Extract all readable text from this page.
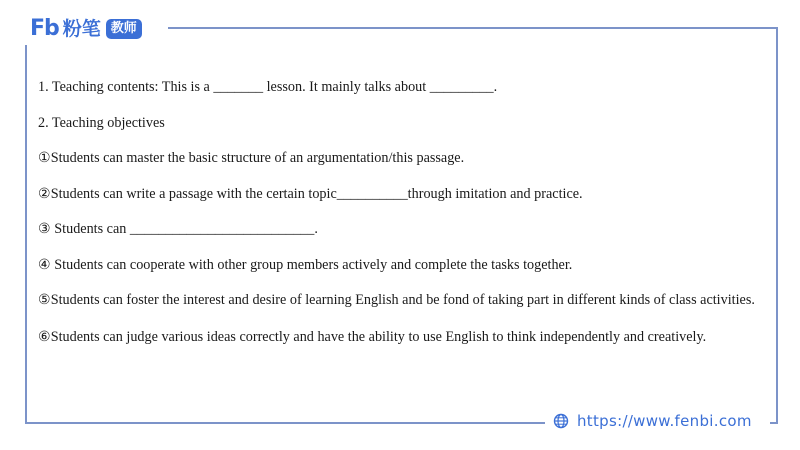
Fb 粉笔 教师

1. Teaching contents: This is a _______ lesson. It mainly talks about _________.

2. Teaching objectives

①Students can master the basic structure of an argumentation/this passage.

②Students can write a passage with the certain topic__________through imitation and practice.

③ Students can __________________________.

④ Students can cooperate with other group members actively and complete the tasks together.

⑤Students can foster the interest and desire of learning English and be fond of taking part in different kinds of class activities.

⑥Students can judge various ideas correctly and have the ability to use English to think independently and creatively.

https://www.fenbi.com
